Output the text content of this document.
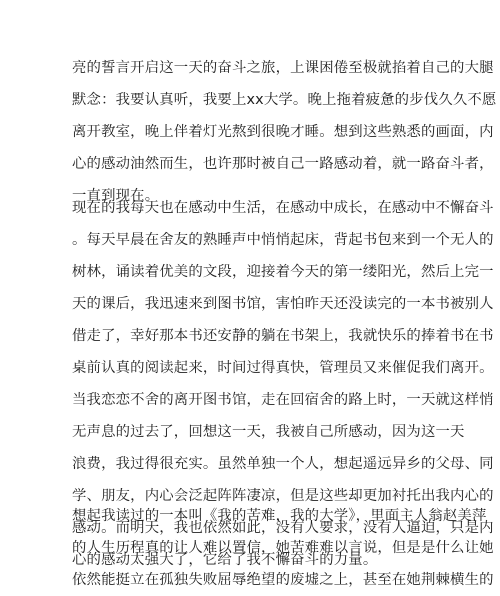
亮的誓言开启这一天的奋斗之旅，上课困倦至极就掐着自己的大腿
默念：我要认真听，我要上xx大学。晚上拖着疲惫的步伐久久不愿
离开教室，晚上伴着灯光熬到很晚才睡。想到这些熟悉的画面，内
心的感动油然而生，也许那时被自己一路感动着，就一路奋斗者，
一直到现在。
现在的我每天也在感动中生活，在感动中成长，在感动中不懈奋斗
。每天早晨在舍友的熟睡声中悄悄起床，背起书包来到一个无人的
树林，诵读着优美的文段，迎接着今天的第一缕阳光，然后上完一
天的课后，我迅速来到图书馆，害怕昨天还没读完的一本书被别人
借走了，幸好那本书还安静的躺在书架上，我就快乐的捧着书在书
桌前认真的阅读起来，时间过得真快，管理员又来催促我们离开。
当我恋恋不舍的离开图书馆，走在回宿舍的路上时，一天就这样悄
无声息的过去了，回想这一天，我被自己所感动，因为这一天
浪费，我过得很充实。虽然单独一个人，想起遥远异乡的父母、同
学、朋友，内心会泛起阵阵凄凉，但是这些却更加衬托出我内心的
感动。而明天，我也依然如此，没有人要求，没有人逼迫，只是内
心的感动太强大了，它给了我不懈奋斗的力量。
想起我读过的一本叫《我的苦难，我的大学》，里面主人翁赵美萍
的人生历程真的让人难以置信，她苦难难以言说，但是是什么让她
依然能挺立在孤独失败屈辱绝望的废墟之上，甚至在她荆棘横生的
